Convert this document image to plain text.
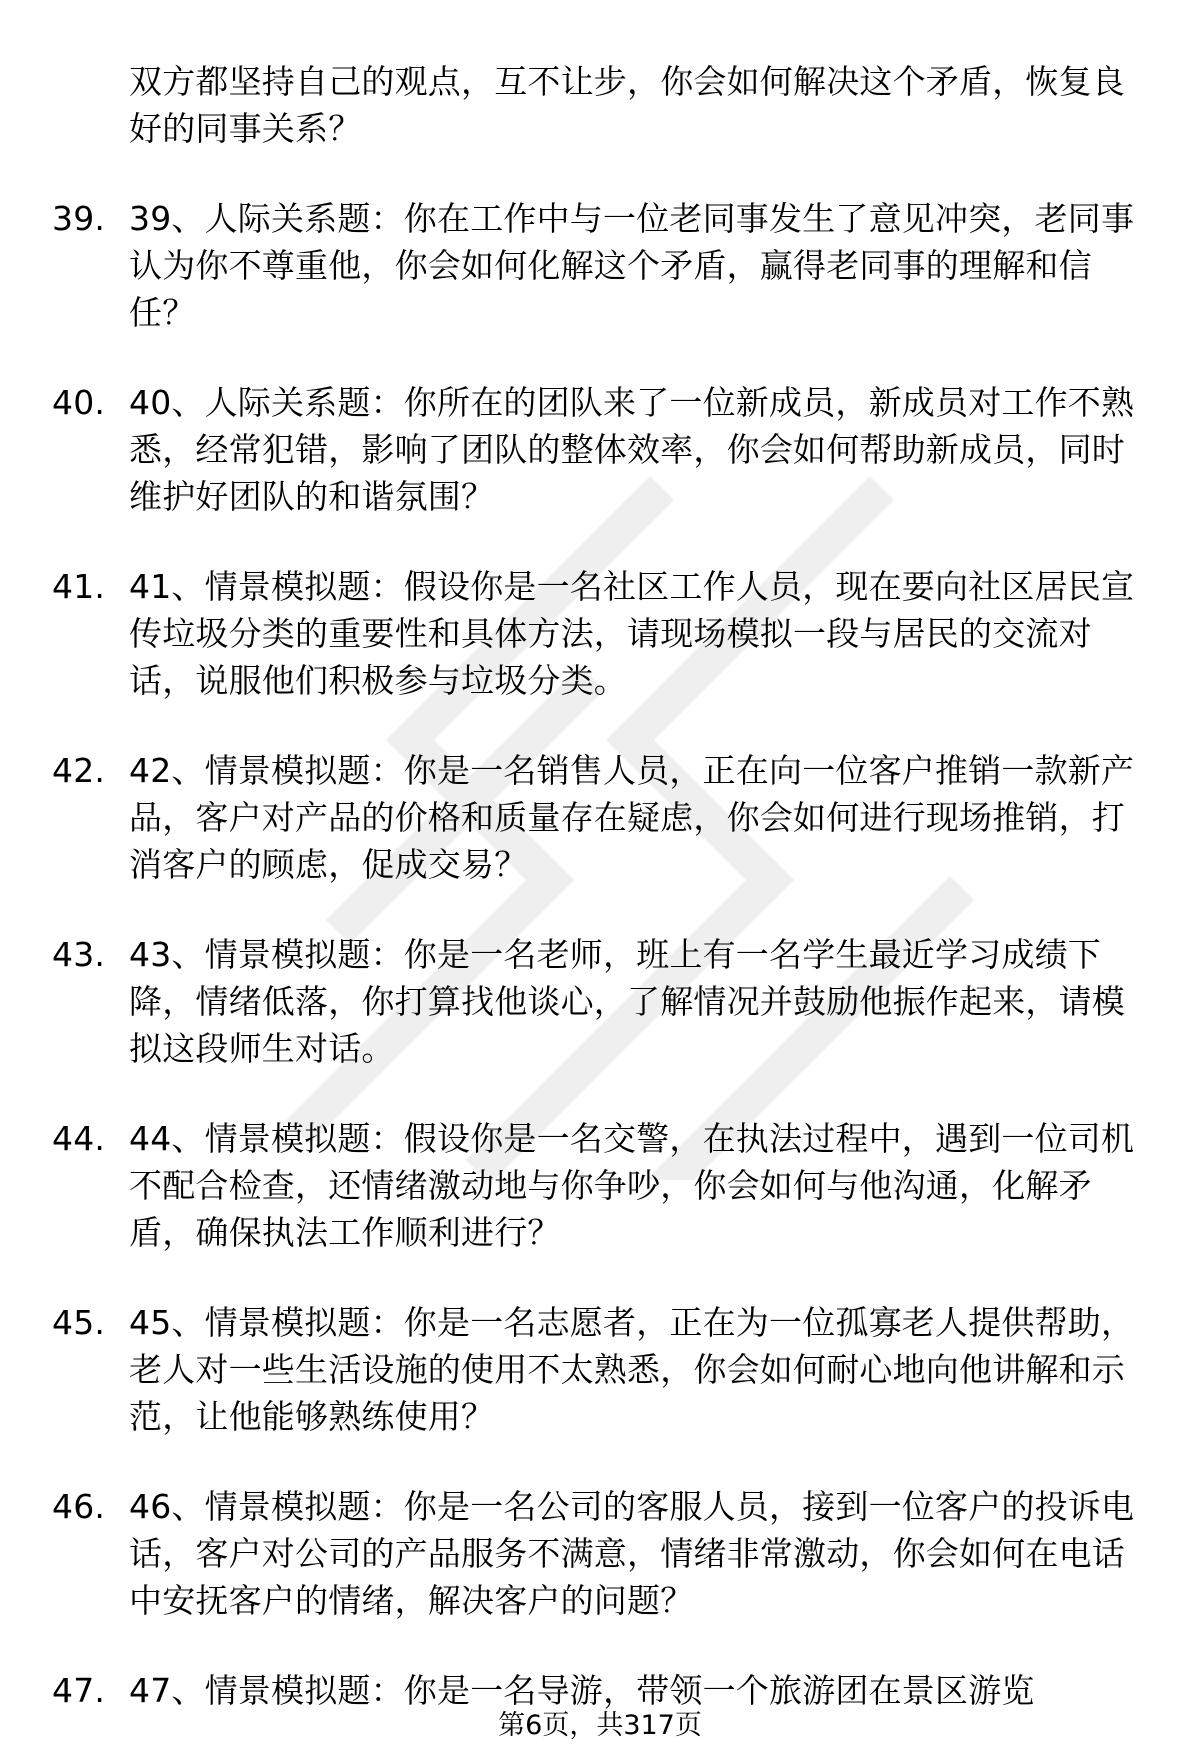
双方都坚持自己的观点，互不让步，你会如何解决这个矛盾，恢复良好的同事关系？
39. 39、人际关系题：你在工作中与一位老同事发生了意见冲突，老同事认为你不尊重他，你会如何化解这个矛盾，赢得老同事的理解和信任？
40. 40、人际关系题：你所在的团队来了一位新成员，新成员对工作不熟悉，经常犯错，影响了团队的整体效率，你会如何帮助新成员，同时维护好团队的和谐氛围？
41. 41、情景模拟题：假设你是一名社区工作人员，现在要向社区居民宣传垃圾分类的重要性和具体方法，请现场模拟一段与居民的交流对话，说服他们积极参与垃圾分类。
42. 42、情景模拟题：你是一名销售人员，正在向一位客户推销一款新产品，客户对产品的价格和质量存在疑虑，你会如何进行现场推销，打消客户的顾虑，促成交易？
43. 43、情景模拟题：你是一名老师，班上有一名学生最近学习成绩下降，情绪低落，你打算找他谈心，了解情况并鼓励他振作起来，请模拟这段师生对话。
44. 44、情景模拟题：假设你是一名交警，在执法过程中，遇到一位司机不配合检查，还情绪激动地与你争吵，你会如何与他沟通，化解矛盾，确保执法工作顺利进行？
45. 45、情景模拟题：你是一名志愿者，正在为一位孤寡老人提供帮助，老人对一些生活设施的使用不太熟悉，你会如何耐心地向他讲解和示范，让他能够熟练使用？
46. 46、情景模拟题：你是一名公司的客服人员，接到一位客户的投诉电话，客户对公司的产品服务不满意，情绪非常激动，你会如何在电话中安抚客户的情绪，解决客户的问题？
47. 47、情景模拟题：你是一名导游，带领一个旅游团在景区游览
第6页，共317页
